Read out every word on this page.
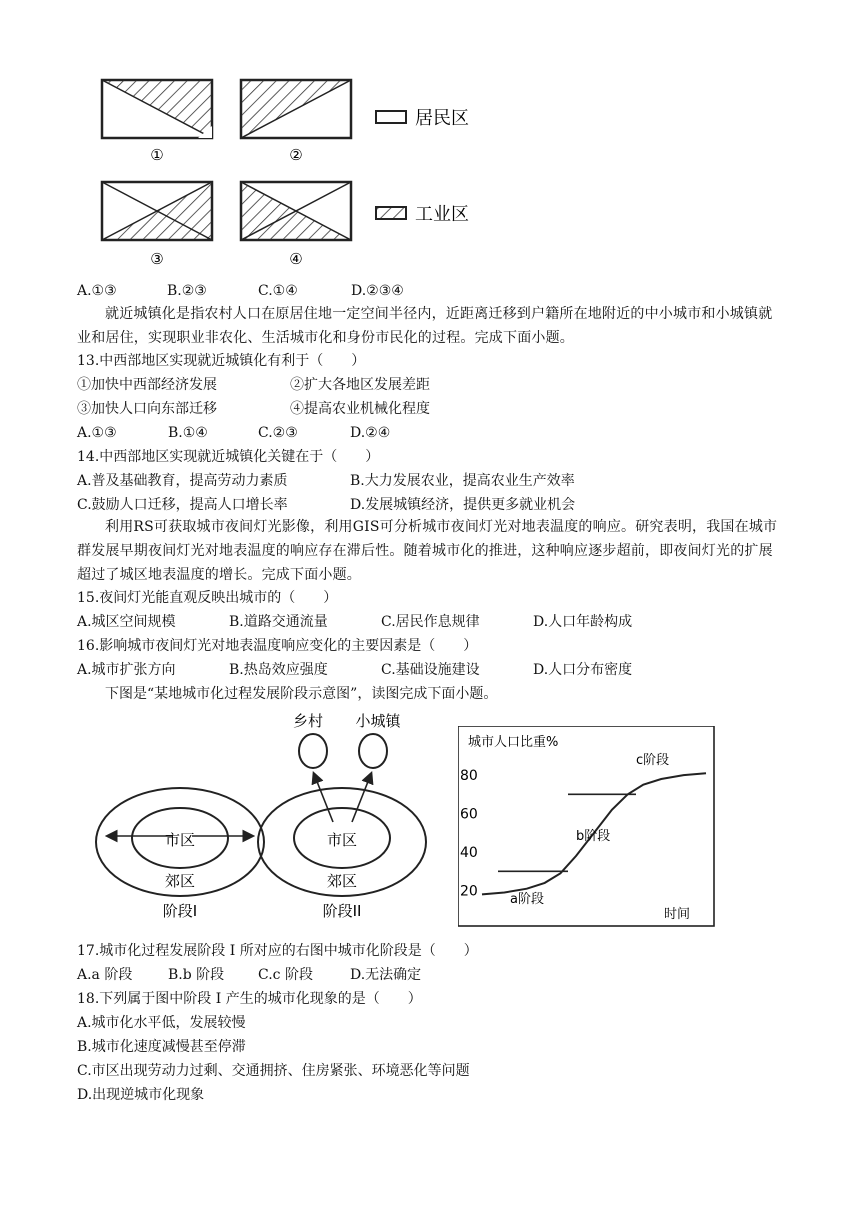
①	②
③	④
居民区
工业区
A.①③	B.②③	C.①④	D.②③④
就近城镇化是指农村人口在原居住地一定空间半径内，近距离迁移到户籍所在地附近的中小城市和小城镇就业和居住，实现职业非农化、生活城市化和身份市民化的过程。完成下面小题。
13.中西部地区实现就近城镇化有利于（　　）
①加快中西部经济发展	②扩大各地区发展差距
③加快人口向东部迁移	④提高农业机械化程度
A.①③	B.①④	C.②③	D.②④
14.中西部地区实现就近城镇化关键在于（　　）
A.普及基础教育，提高劳动力素质	B.大力发展农业，提高农业生产效率
C.鼓励人口迁移，提高人口增长率	D.发展城镇经济，提供更多就业机会
利用RS可获取城市夜间灯光影像，利用GIS可分析城市夜间灯光对地表温度的响应。研究表明，我国在城市群发展早期夜间灯光对地表温度的响应存在滞后性。随着城市化的推进，这种响应逐步超前，即夜间灯光的扩展超过了城区地表温度的增长。完成下面小题。
15.夜间灯光能直观反映出城市的（　　）
A.城区空间规模	B.道路交通流量	C.居民作息规律	D.人口年龄构成
16.影响城市夜间灯光对地表温度响应变化的主要因素是（　　）
A.城市扩张方向	B.热岛效应强度	C.基础设施建设	D.人口分布密度
下图是“某地城市化过程发展阶段示意图”，读图完成下面小题。
市区
郊区
阶段I
乡村 小城镇
市区
郊区
阶段II
城市人口比重%
时间
20
40
60
80
a阶段
b阶段
c阶段
17.城市化过程发展阶段 I 所对应的右图中城市化阶段是（　　）
A.a 阶段	B.b 阶段 C.c 阶段	D.无法确定
18.下列属于图中阶段 I 产生的城市化现象的是（　　）
A.城市化水平低，发展较慢
B.城市化速度减慢甚至停滞
C.市区出现劳动力过剩、交通拥挤、住房紧张、环境恶化等问题
D.出现逆城市化现象
